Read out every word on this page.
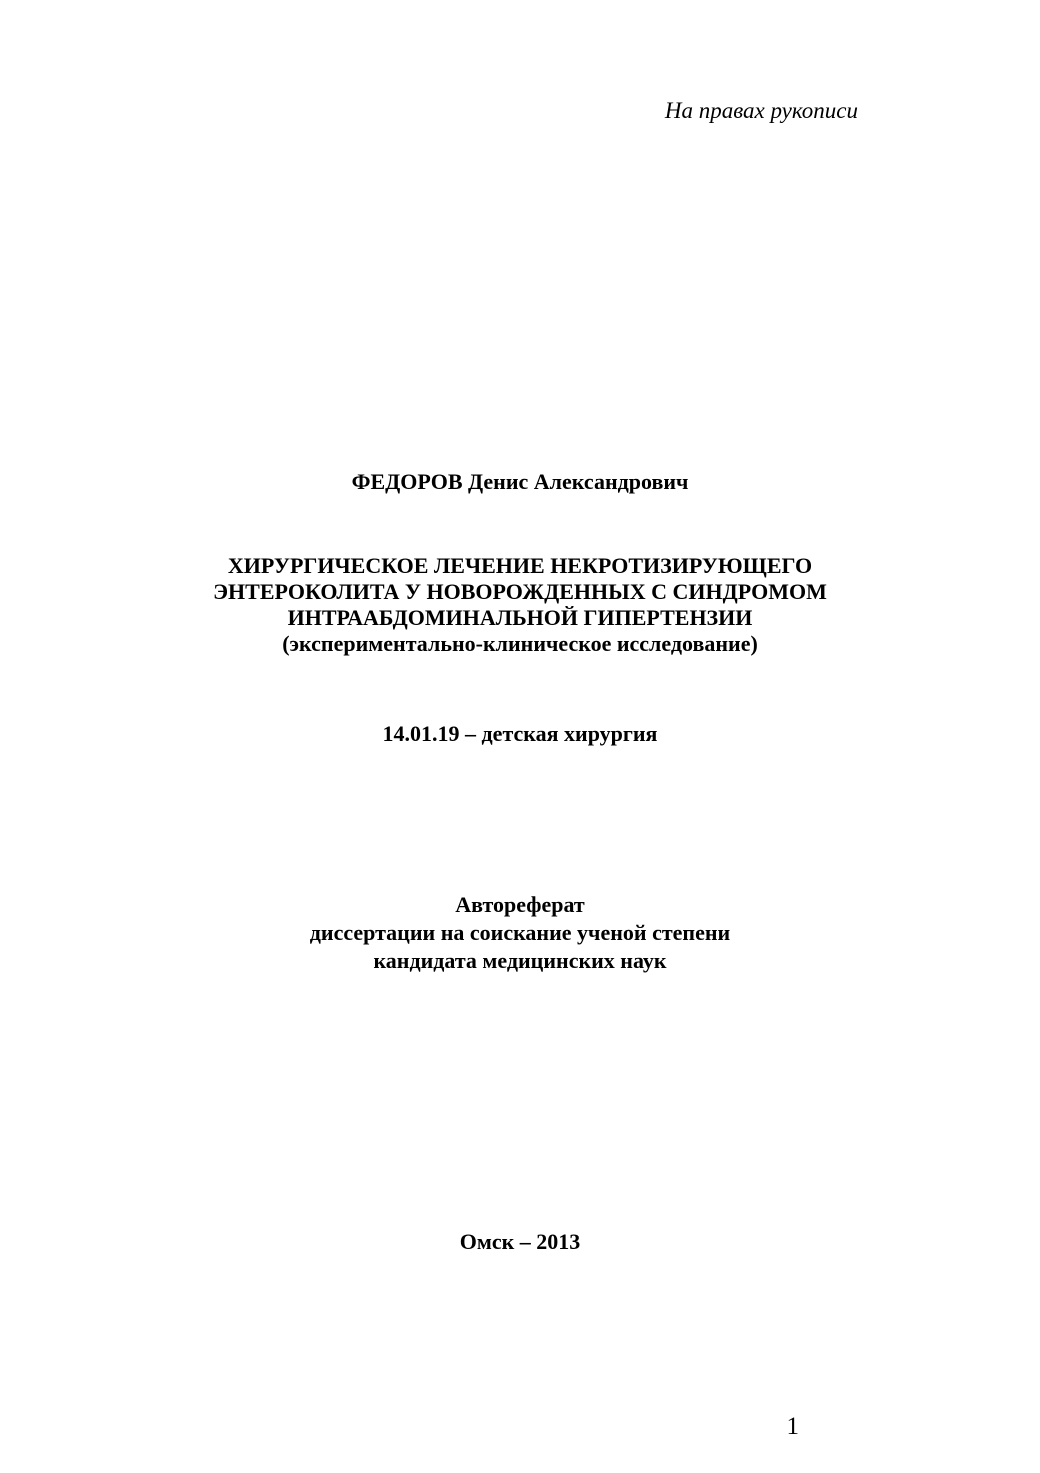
На правах рукописи
ФЕДОРОВ Денис Александрович
ХИРУРГИЧЕСКОЕ ЛЕЧЕНИЕ НЕКРОТИЗИРУЮЩЕГО
ЭНТЕРОКОЛИТА У НОВОРОЖДЕННЫХ С СИНДРОМОМ
ИНТРААБДОМИНАЛЬНОЙ ГИПЕРТЕНЗИИ
(экспериментально-клиническое исследование)
14.01.19 – детская хирургия
Автореферат
диссертации на соискание ученой степени
кандидата медицинских наук
Омск – 2013
1
